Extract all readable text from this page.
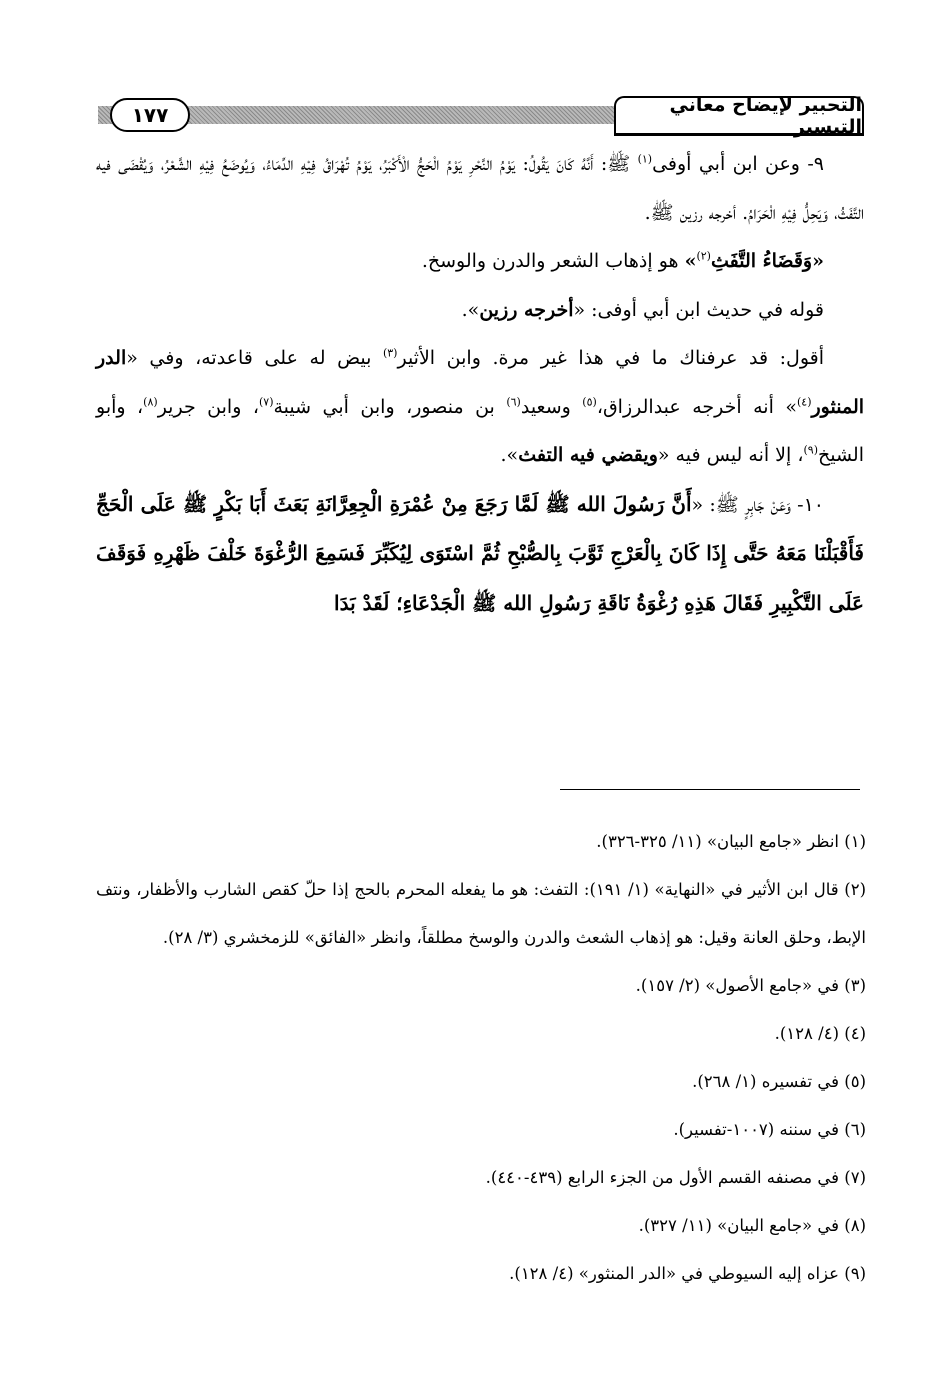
١٧٧	التحبير لإيضاح معاني التيسير

٩- وعن ابن أبي أوفى$^{(١)}$ ﷺ: أَنَّهُ كَانَ يَقُولُ: يَوْمُ النَّحْرِ يَوْمُ الْحَجُّ الْأَكْبَرُ، يَوْمُ تُهْرَاقُ فِيْهِ الدِّمَاءُ، وَيُوضَعُ فِيْهِ الشَّعْرُ، وَيُقْضَى فيه التَّفَثُ، وَيَحِلُّ فِيْهِ الْحَرَامُ. أخرجه رزين ﷺ.

«وَقَضَاءُ التَّفَثِ$^{(٢)}$» هو إذهاب الشعر والدرن والوسخ.

قوله في حديث ابن أبي أوفى: «أخرجه رزين».

أقول: قد عرفناك ما في هذا غير مرة. وابن الأثير$^{(٣)}$ بيض له على قاعدته، وفي «الدر المنثور$^{(٤)}$» أنه أخرجه عبدالرزاق،$^{(٥)}$ وسعيد$^{(٦)}$ بن منصور، وابن أبي شيبة$^{(٧)}$، وابن جرير$^{(٨)}$، وأبو الشيخ$^{(٩)}$، إلا أنه ليس فيه «ويقضي فيه التفث».

١٠- وَعَنْ جَابِرٍ ﷺ: «أَنَّ رَسُولَ الله ﷺ لَمَّا رَجَعَ مِنْ عُمْرَةِ الْجِعِرَّانَةِ بَعَثَ أَبَا بَكْرٍ ﷺ عَلَى الْحَجِّ فَأَقْبَلْنَا مَعَهُ حَتَّى إِذَا كَانَ بِالْعَرْجِ ثَوَّبَ بِالصُّبْحِ ثُمَّ اسْتَوَى لِيُكَبِّرَ فَسَمِعَ الرُّغْوَةَ خَلْفَ ظَهْرِهِ فَوَقَفَ عَلَى التَّكْبِيرِ فَقَالَ هَذِهِ رُغْوَةُ نَاقَةِ رَسُولِ الله ﷺ الْجَدْعَاءِ؛ لَقَدْ بَدَا

(١) انظر «جامع البيان» (١١/ ٣٢٥-٣٢٦).

(٢) قال ابن الأثير في «النهاية» (١/ ١٩١): التفث: هو ما يفعله المحرم بالحج إذا حلّ كقص الشارب والأظفار، ونتف الإبط، وحلق العانة وقيل: هو إذهاب الشعث والدرن والوسخ مطلقاً، وانظر «الفائق» للزمخشري (٣/ ٢٨).

(٣) في «جامع الأصول» (٢/ ١٥٧).

(٤) (٤/ ١٢٨).

(٥) في تفسيره (١/ ٢٦٨).

(٦) في سننه (١٠٠٧-تفسير).

(٧) في مصنفه القسم الأول من الجزء الرابع (٤٣٩-٤٤٠).

(٨) في «جامع البيان» (١١/ ٣٢٧).

(٩) عزاه إليه السيوطي في «الدر المنثور» (٤/ ١٢٨).
